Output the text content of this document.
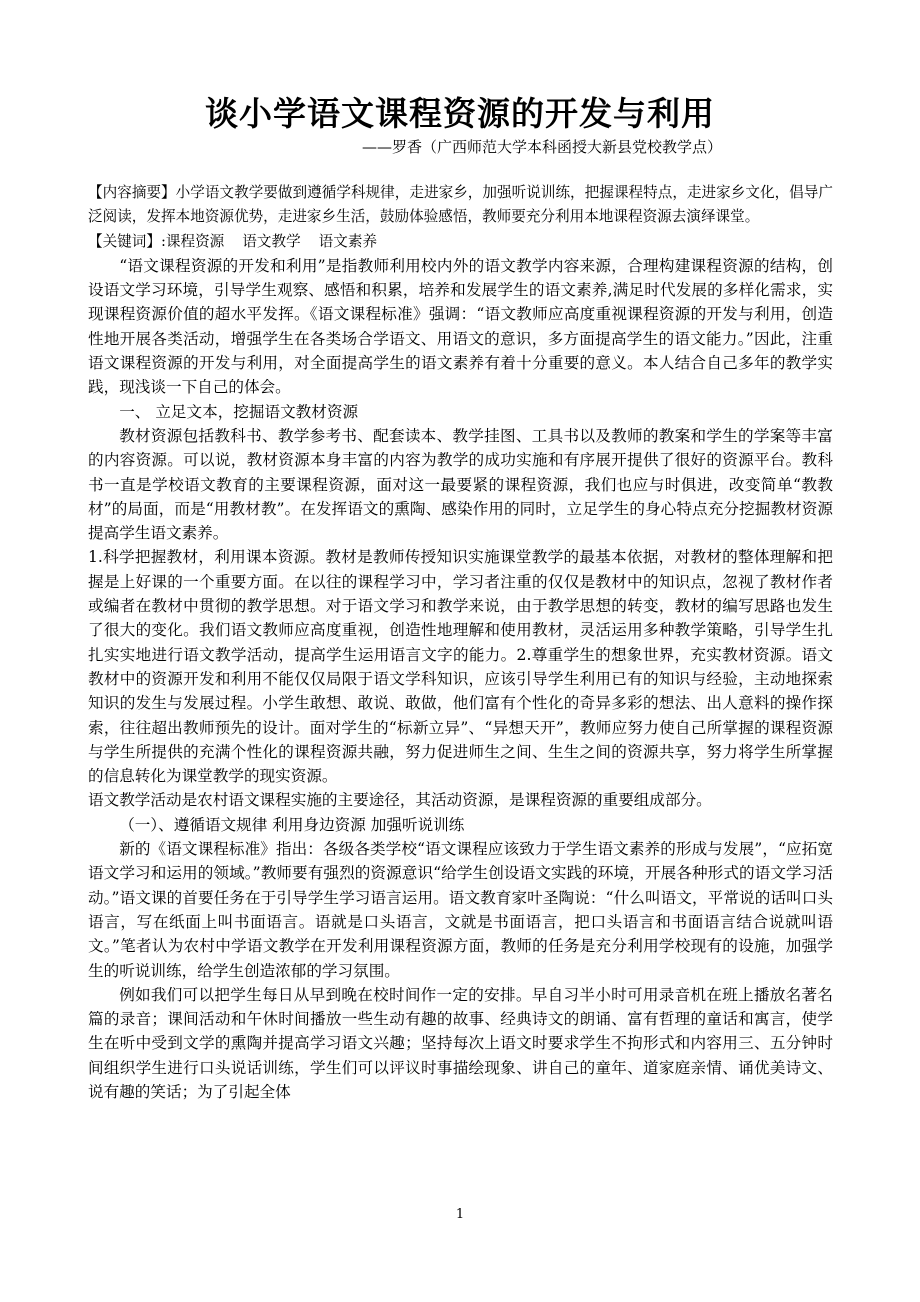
谈小学语文课程资源的开发与利用
——罗香（广西师范大学本科函授大新县党校教学点）

【内容摘要】小学语文教学要做到遵循学科规律，走进家乡，加强听说训练，把握课程特点，走进家乡文化，倡导广泛阅读，发挥本地资源优势，走进家乡生活，鼓励体验感悟，教师要充分利用本地课程资源去演绎课堂。

【关键词】:课程资源 语文教学 语文素养

“语文课程资源的开发和利用”是指教师利用校内外的语文教学内容来源，合理构建课程资源的结构，创设语文学习环境，引导学生观察、感悟和积累，培养和发展学生的语文素养,满足时代发展的多样化需求，实现课程资源价值的超水平发挥。《语文课程标准》强调：“语文教师应高度重视课程资源的开发与利用，创造性地开展各类活动，增强学生在各类场合学语文、用语文的意识，多方面提高学生的语文能力。”因此，注重语文课程资源的开发与利用，对全面提高学生的语文素养有着十分重要的意义。本人结合自己多年的教学实践，现浅谈一下自己的体会。

一、 立足文本，挖掘语文教材资源

教材资源包括教科书、教学参考书、配套读本、教学挂图、工具书以及教师的教案和学生的学案等丰富的内容资源。可以说，教材资源本身丰富的内容为教学的成功实施和有序展开提供了很好的资源平台。教科书一直是学校语文教育的主要课程资源，面对这一最要紧的课程资源，我们也应与时俱进，改变简单“教教材”的局面，而是“用教材教”。在发挥语文的熏陶、感染作用的同时，立足学生的身心特点充分挖掘教材资源提高学生语文素养。

1.科学把握教材，利用课本资源。教材是教师传授知识实施课堂教学的最基本依据，对教材的整体理解和把握是上好课的一个重要方面。在以往的课程学习中，学习者注重的仅仅是教材中的知识点，忽视了教材作者或编者在教材中贯彻的教学思想。对于语文学习和教学来说，由于教学思想的转变，教材的编写思路也发生了很大的变化。我们语文教师应高度重视，创造性地理解和使用教材，灵活运用多种教学策略，引导学生扎扎实实地进行语文教学活动，提高学生运用语言文字的能力。2.尊重学生的想象世界，充实教材资源。语文教材中的资源开发和利用不能仅仅局限于语文学科知识，应该引导学生利用已有的知识与经验，主动地探索知识的发生与发展过程。小学生敢想、敢说、敢做，他们富有个性化的奇异多彩的想法、出人意料的操作探索，往往超出教师预先的设计。面对学生的“标新立异”、“异想天开”，教师应努力使自己所掌握的课程资源与学生所提供的充满个性化的课程资源共融，努力促进师生之间、生生之间的资源共享，努力将学生所掌握的信息转化为课堂教学的现实资源。

语文教学活动是农村语文课程实施的主要途径，其活动资源，是课程资源的重要组成部分。

（一）、遵循语文规律 利用身边资源 加强听说训练

新的《语文课程标准》指出：各级各类学校“语文课程应该致力于学生语文素养的形成与发展”，“应拓宽语文学习和运用的领域。”教师要有强烈的资源意识“给学生创设语文实践的环境，开展各种形式的语文学习活动。”语文课的首要任务在于引导学生学习语言运用。语文教育家叶圣陶说：“什么叫语文，平常说的话叫口头语言，写在纸面上叫书面语言。语就是口头语言，文就是书面语言，把口头语言和书面语言结合说就叫语文。”笔者认为农村中学语文教学在开发利用课程资源方面，教师的任务是充分利用学校现有的设施，加强学生的听说训练，给学生创造浓郁的学习氛围。

例如我们可以把学生每日从早到晚在校时间作一定的安排。早自习半小时可用录音机在班上播放名著名篇的录音；课间活动和午休时间播放一些生动有趣的故事、经典诗文的朗诵、富有哲理的童话和寓言，使学生在听中受到文学的熏陶并提高学习语文兴趣；坚持每次上语文时要求学生不拘形式和内容用三、五分钟时间组织学生进行口头说话训练，学生们可以评议时事描绘现象、讲自己的童年、道家庭亲情、诵优美诗文、说有趣的笑话；为了引起全体

1
